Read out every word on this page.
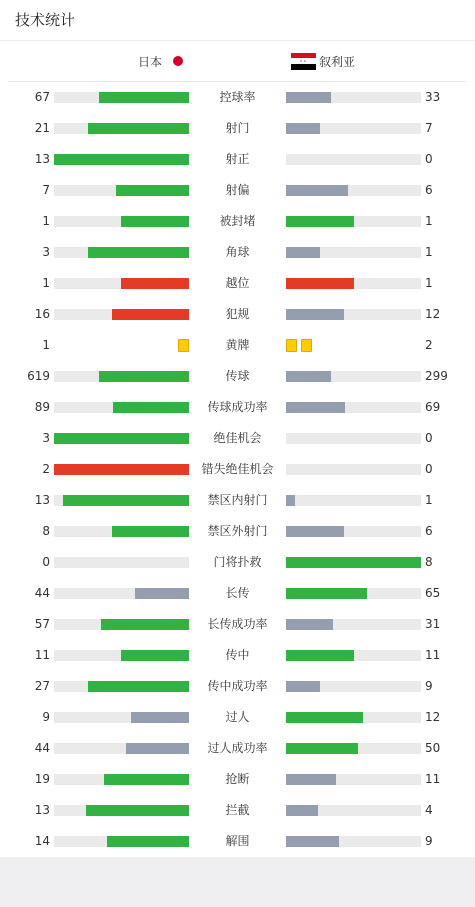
技术统计
日本	★★ 叙利亚
67	控球率	33
21	射门	7
13	射正	0
7	射偏	6
1	被封堵	1
3	角球	1
1	越位	1
16	犯规	12
1	黄牌	2
619	传球	299
89	传球成功率	69
3	绝佳机会	0
2	错失绝佳机会	0
13	禁区内射门	1
8	禁区外射门	6
0	门将扑救	8
44	长传	65
57	长传成功率	31
11	传中	11
27	传中成功率	9
9	过人	12
44	过人成功率	50
19	抢断	11
13	拦截	4
14	解围	9
